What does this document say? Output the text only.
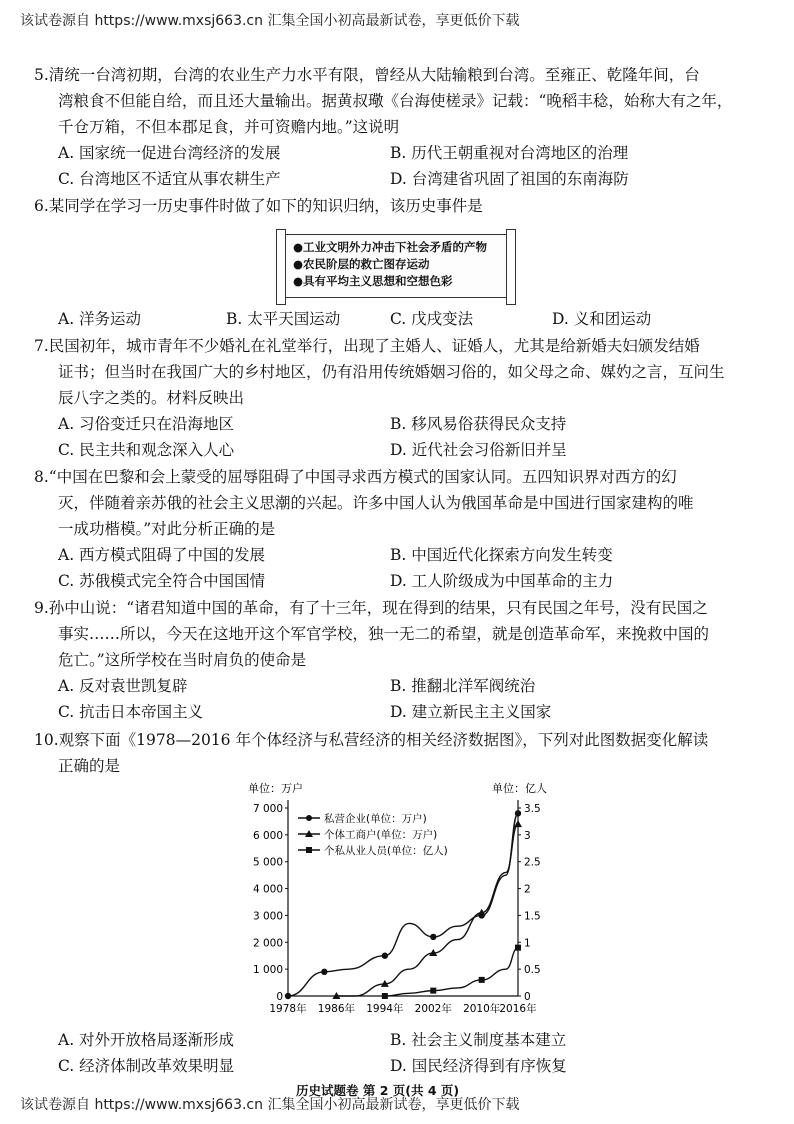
该试卷源自 https://www.mxsj663.cn 汇集全国小初高最新试卷，享更低价下载
5.清统一台湾初期，台湾的农业生产力水平有限，曾经从大陆输粮到台湾。至雍正、乾隆年间，台
湾粮食不但能自给，而且还大量输出。据黄叔璥《台海使槎录》记载：“晚稻丰稔，始称大有之年，
千仓万箱，不但本郡足食，并可资赡内地。”这说明
A. 国家统一促进台湾经济的发展	B. 历代王朝重视对台湾地区的治理
C. 台湾地区不适宜从事农耕生产	D. 台湾建省巩固了祖国的东南海防
6.某同学在学习一历史事件时做了如下的知识归纳，该历史事件是
●工业文明外力冲击下社会矛盾的产物
●农民阶层的救亡图存运动
●具有平均主义思想和空想色彩
A. 洋务运动	B. 太平天国运动	C. 戊戌变法	D. 义和团运动
7.民国初年，城市青年不少婚礼在礼堂举行，出现了主婚人、证婚人，尤其是给新婚夫妇颁发结婚
证书；但当时在我国广大的乡村地区，仍有沿用传统婚姻习俗的，如父母之命、媒妁之言，互问生
辰八字之类的。材料反映出
A. 习俗变迁只在沿海地区	B. 移风易俗获得民众支持
C. 民主共和观念深入人心	D. 近代社会习俗新旧并呈
8.“中国在巴黎和会上蒙受的屈辱阻碍了中国寻求西方模式的国家认同。五四知识界对西方的幻
灭，伴随着亲苏俄的社会主义思潮的兴起。许多中国人认为俄国革命是中国进行国家建构的唯
一成功楷模。”对此分析正确的是
A. 西方模式阻碍了中国的发展	B. 中国近代化探索方向发生转变
C. 苏俄模式完全符合中国国情	D. 工人阶级成为中国革命的主力
9.孙中山说：“诸君知道中国的革命，有了十三年，现在得到的结果，只有民国之年号，没有民国之
事实……所以，今天在这地开这个军官学校，独一无二的希望，就是创造革命军，来挽救中国的
危亡。”这所学校在当时肩负的使命是
A. 反对袁世凯复辟	B. 推翻北洋军阀统治
C. 抗击日本帝国主义	D. 建立新民主主义国家
10.观察下面《1978—2016 年个体经济与私营经济的相关经济数据图》，下列对此图数据变化解读
正确的是
单位：万户	单位：亿人
0
1 000
2 000
3 000
4 000
5 000
6 000
7 000
0
0.5
1
1.5
2
2.5
3
3.5
1978年 1986年 1994年 2002年 2010年 2016年
私营企业(单位：万户)
个体工商户(单位：万户)
个私从业人员(单位：亿人)
A. 对外开放格局逐渐形成	B. 社会主义制度基本建立
C. 经济体制改革效果明显	D. 国民经济得到有序恢复
历史试题卷 第 2 页(共 4 页)
该试卷源自 https://www.mxsj663.cn 汇集全国小初高最新试卷，享更低价下载
